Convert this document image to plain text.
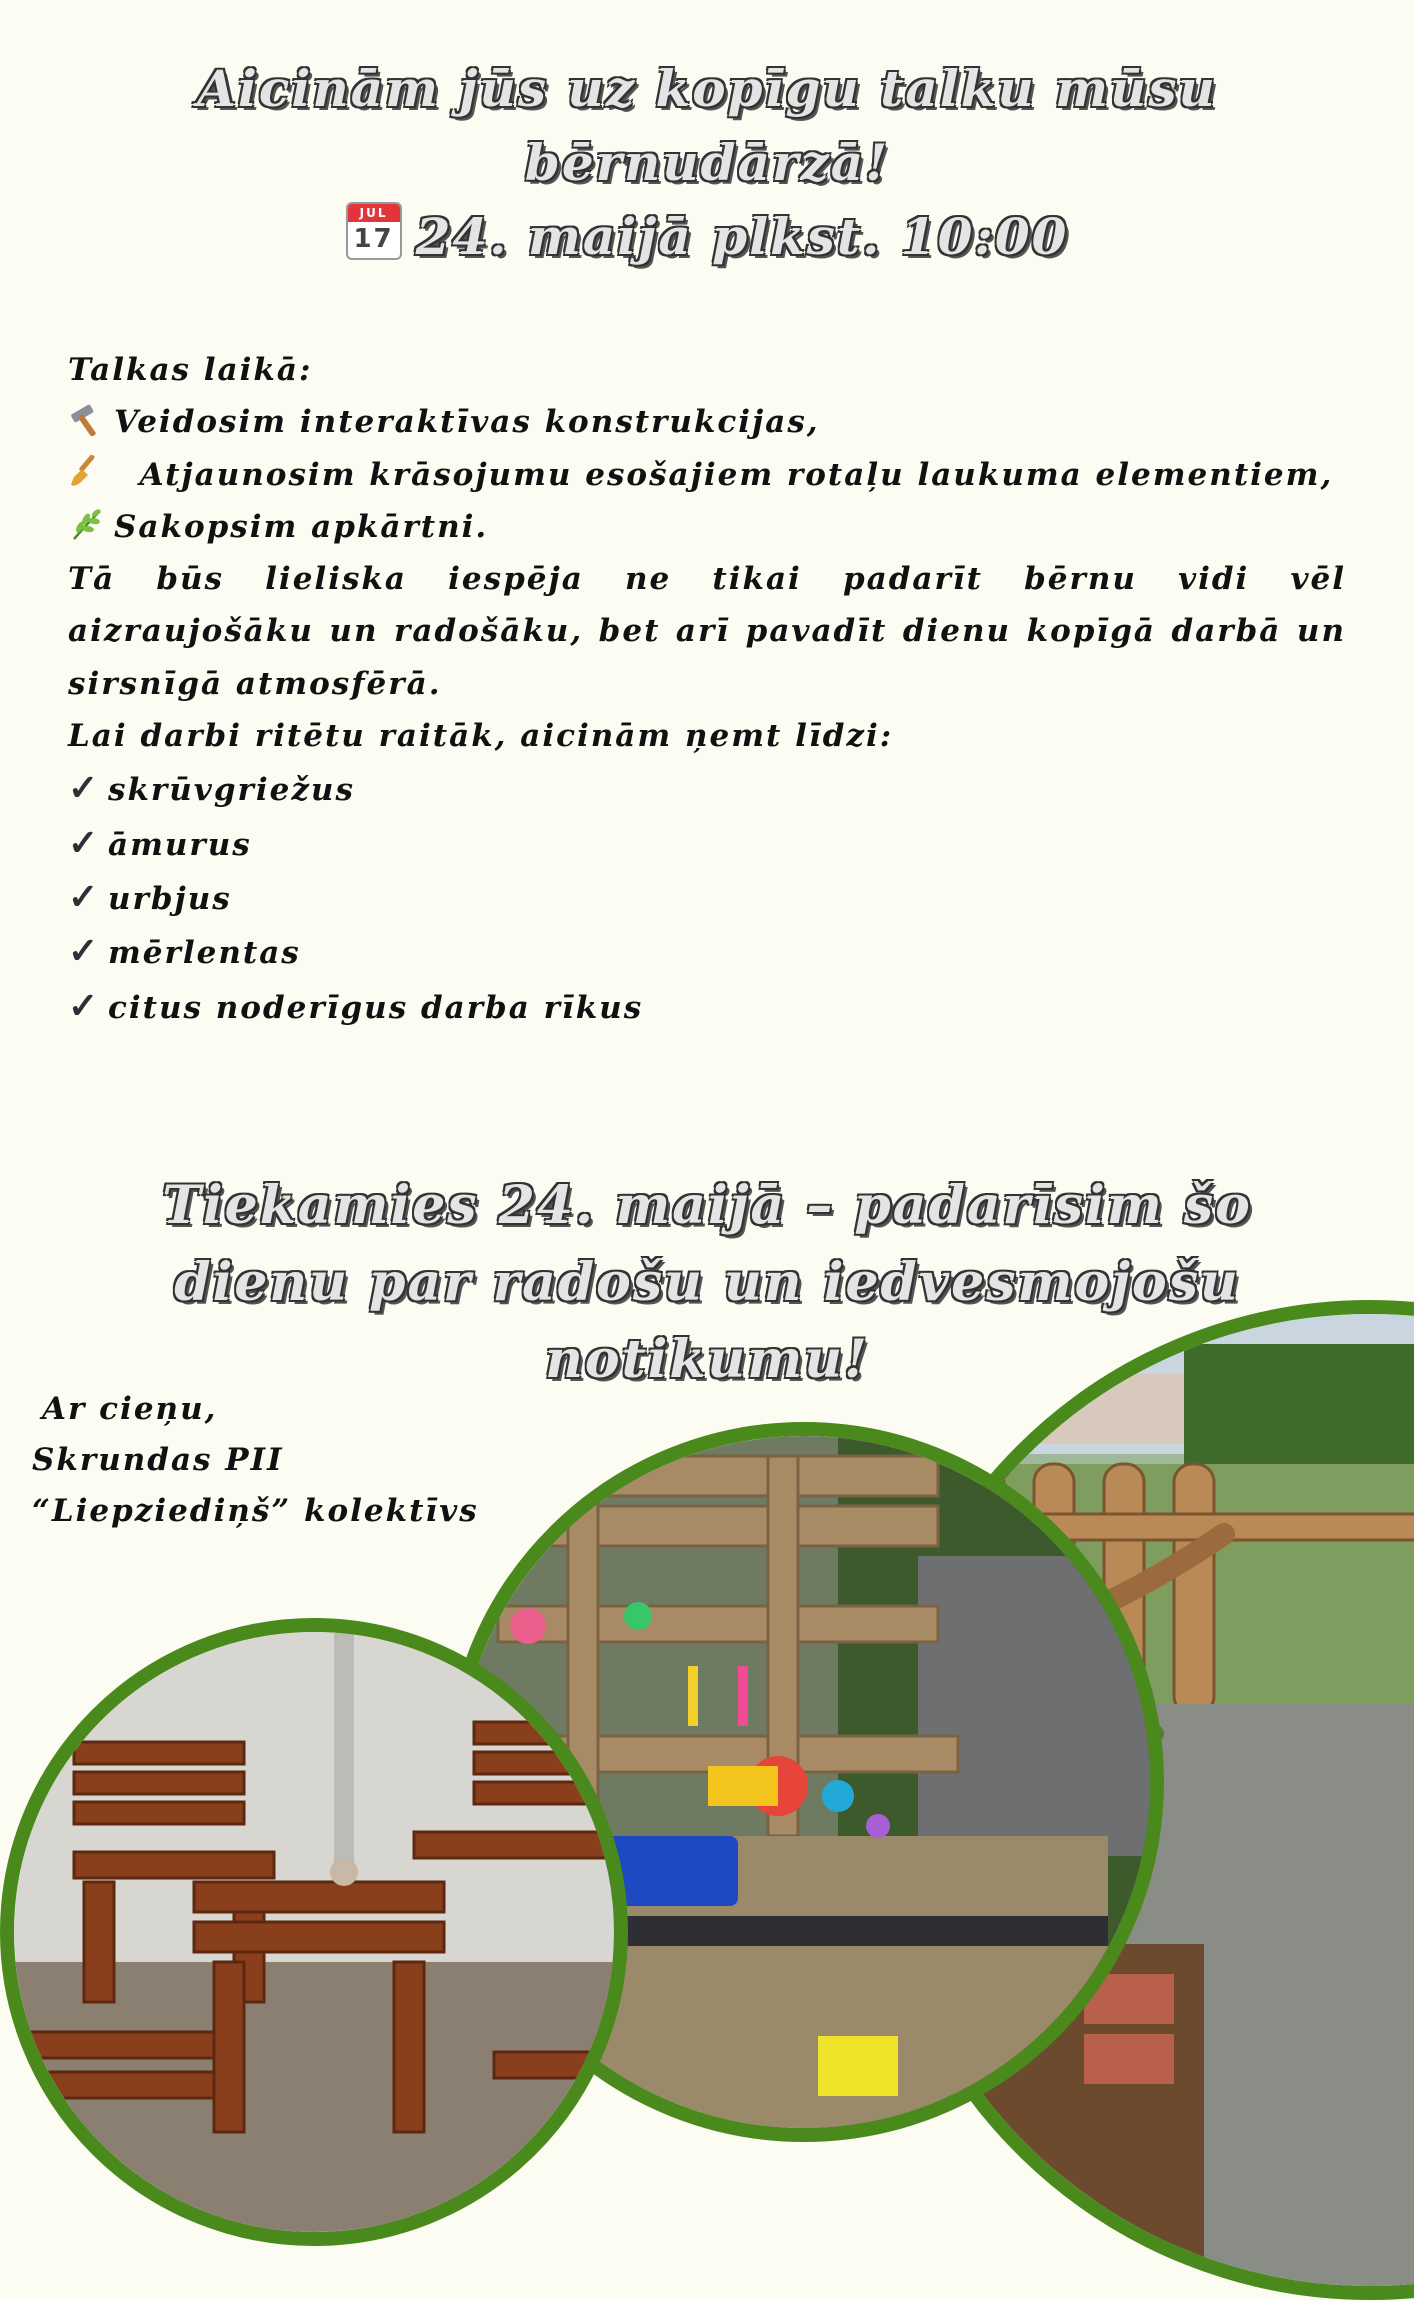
Aicinām jūs uz kopīgu talku mūsu
bērnudārzā!
JUL
17 24. maijā plkst. 10:00
Talkas laikā:
Veidosim interaktīvas konstrukcijas,
Atjaunosim krāsojumu esošajiem rotaļu laukuma elementiem,
Sakopsim apkārtni.
Tā būs lieliska iespēja ne tikai padarīt bērnu vidi vēl aizraujošāku un radošāku, bet arī pavadīt dienu kopīgā darbā un sirsnīgā atmosfērā.
Lai darbi ritētu raitāk, aicinām ņemt līdzi:
✓ skrūvgriežus
✓ āmurus
✓ urbjus
✓ mērlentas
✓ citus noderīgus darba rīkus
Tiekamies 24. maijā – padarīsim šo
dienu par radošu un iedvesmojošu
notikumu!
Ar cieņu,
Skrundas PII
“Liepziediņš” kolektīvs
